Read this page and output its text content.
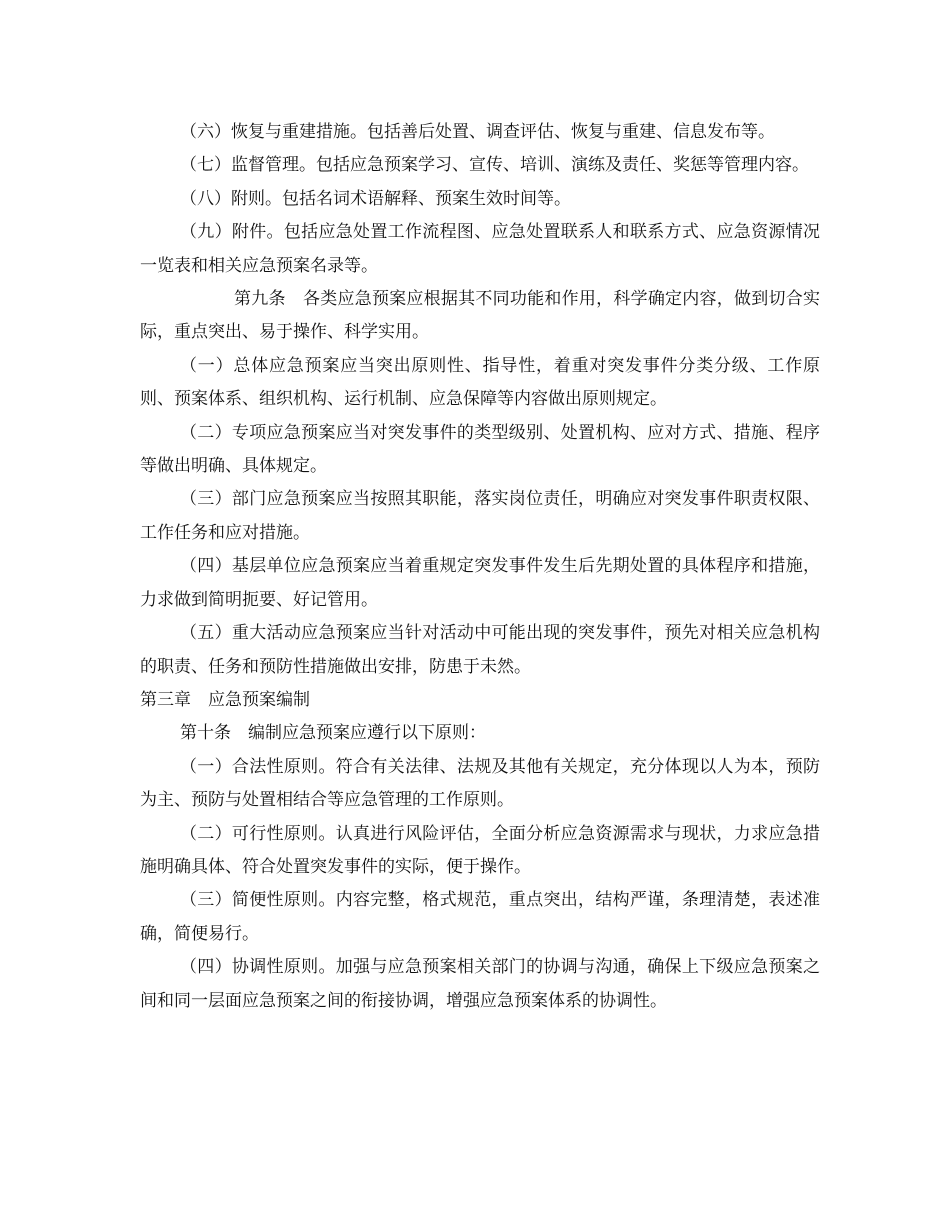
（六）恢复与重建措施。包括善后处置、调查评估、恢复与重建、信息发布等。

（七）监督管理。包括应急预案学习、宣传、培训、演练及责任、奖惩等管理内容。

（八）附则。包括名词术语解释、预案生效时间等。

（九）附件。包括应急处置工作流程图、应急处置联系人和联系方式、应急资源情况一览表和相关应急预案名录等。

第九条　各类应急预案应根据其不同功能和作用，科学确定内容，做到切合实际，重点突出、易于操作、科学实用。

（一）总体应急预案应当突出原则性、指导性，着重对突发事件分类分级、工作原则、预案体系、组织机构、运行机制、应急保障等内容做出原则规定。

（二）专项应急预案应当对突发事件的类型级别、处置机构、应对方式、措施、程序等做出明确、具体规定。

（三）部门应急预案应当按照其职能，落实岗位责任，明确应对突发事件职责权限、工作任务和应对措施。

（四）基层单位应急预案应当着重规定突发事件发生后先期处置的具体程序和措施，力求做到简明扼要、好记管用。

（五）重大活动应急预案应当针对活动中可能出现的突发事件，预先对相关应急机构的职责、任务和预防性措施做出安排，防患于未然。

第三章　应急预案编制

第十条　编制应急预案应遵行以下原则：

（一）合法性原则。符合有关法律、法规及其他有关规定，充分体现以人为本，预防为主、预防与处置相结合等应急管理的工作原则。

（二）可行性原则。认真进行风险评估，全面分析应急资源需求与现状，力求应急措施明确具体、符合处置突发事件的实际，便于操作。

（三）简便性原则。内容完整，格式规范，重点突出，结构严谨，条理清楚，表述准确，简便易行。

（四）协调性原则。加强与应急预案相关部门的协调与沟通，确保上下级应急预案之间和同一层面应急预案之间的衔接协调，增强应急预案体系的协调性。
